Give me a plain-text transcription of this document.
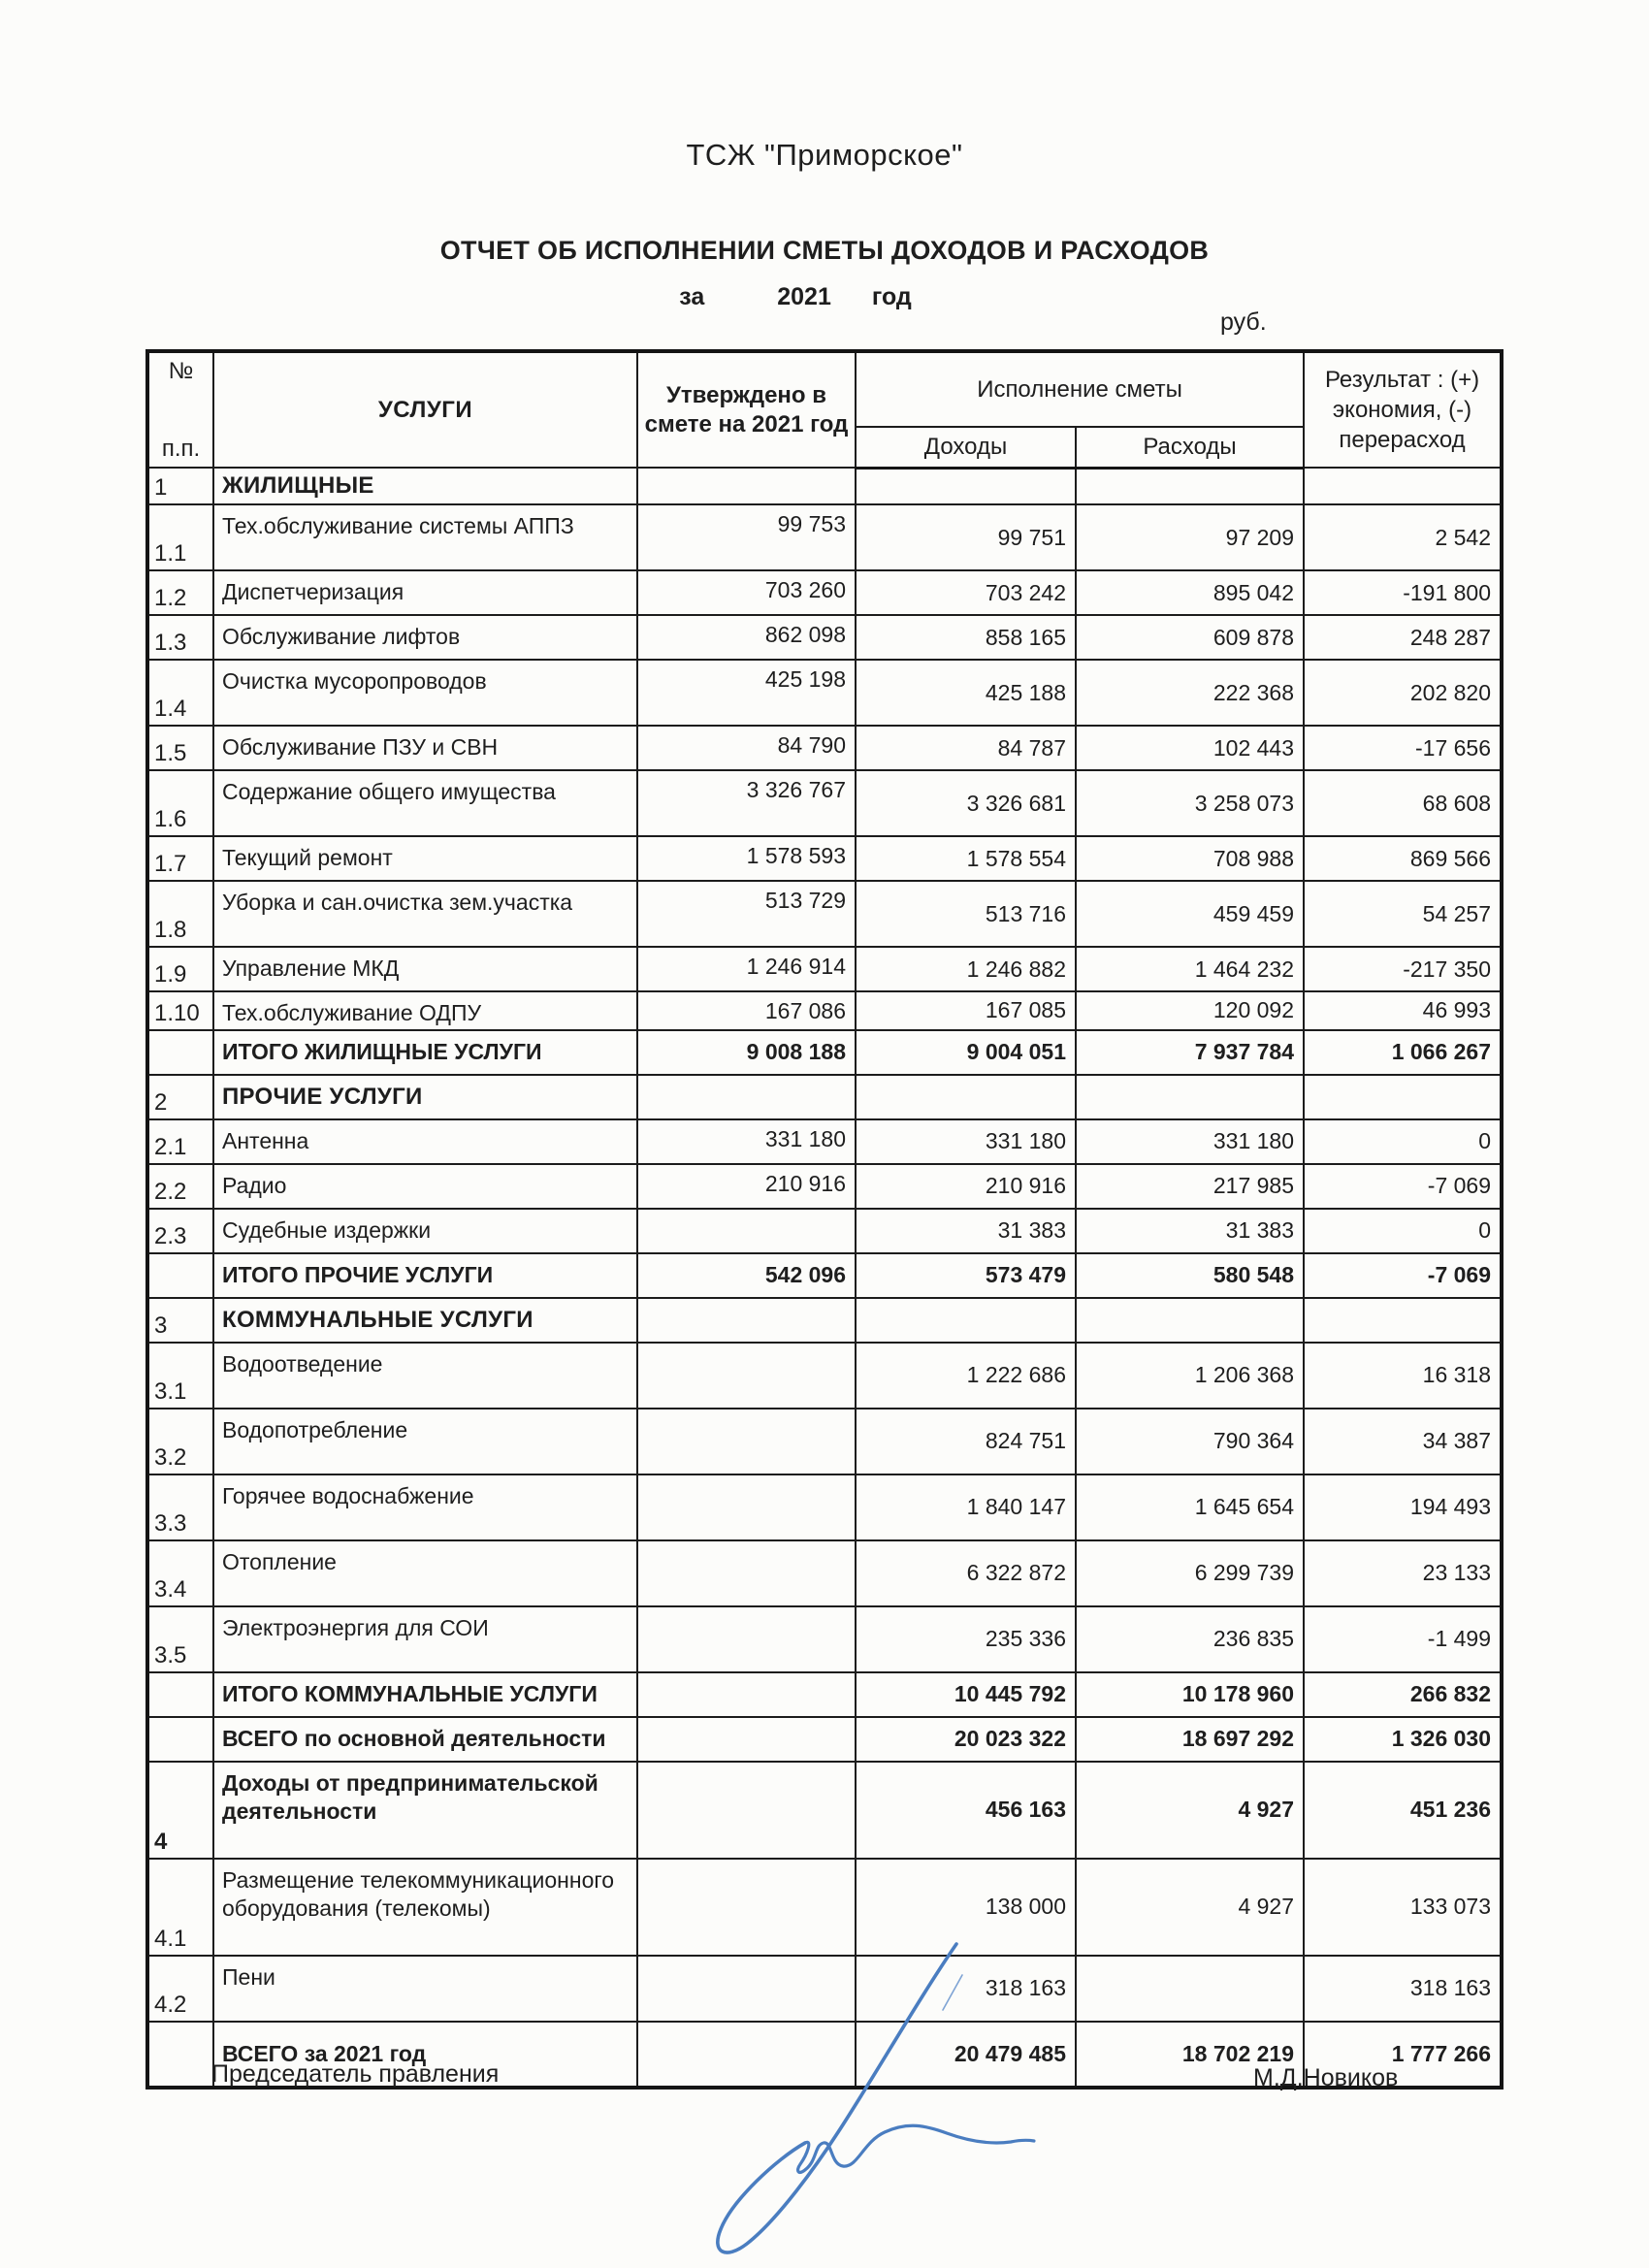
ТСЖ "Приморское"
ОТЧЕТ ОБ ИСПОЛНЕНИИ СМЕТЫ ДОХОДОВ И РАСХОДОВ
за	2021 год
руб.
№
п.п.	УСЛУГИ	Утверждено в смете на 2021 год	Исполнение сметы		Результат : (+) экономия, (-) перерасход
			Доходы	Расходы	
1	ЖИЛИЩНЫЕ				
1.1	Тех.обслуживание системы АППЗ	99 753	99 751	97 209	2 542
1.2	Диспетчеризация	703 260	703 242	895 042	-191 800
1.3	Обслуживание лифтов	862 098	858 165	609 878	248 287
1.4	Очистка мусоропроводов	425 198	425 188	222 368	202 820
1.5	Обслуживание ПЗУ и СВН	84 790	84 787	102 443	-17 656
1.6	Содержание общего имущества	3 326 767	3 326 681	3 258 073	68 608
1.7	Текущий ремонт	1 578 593	1 578 554	708 988	869 566
1.8	Уборка и сан.очистка зем.участка	513 729	513 716	459 459	54 257
1.9	Управление МКД	1 246 914	1 246 882	1 464 232	-217 350
1.10	Тех.обслуживание ОДПУ	167 086	167 085	120 092	46 993
	ИТОГО ЖИЛИЩНЫЕ УСЛУГИ	9 008 188	9 004 051	7 937 784	1 066 267
2	ПРОЧИЕ УСЛУГИ				
2.1	Антенна	331 180	331 180	331 180	0
2.2	Радио	210 916	210 916	217 985	-7 069
2.3	Судебные издержки		31 383	31 383	0
	ИТОГО ПРОЧИЕ УСЛУГИ	542 096	573 479	580 548	-7 069
3	КОММУНАЛЬНЫЕ УСЛУГИ				
3.1	Водоотведение		1 222 686	1 206 368	16 318
3.2	Водопотребление		824 751	790 364	34 387
3.3	Горячее водоснабжение		1 840 147	1 645 654	194 493
3.4	Отопление		6 322 872	6 299 739	23 133
3.5	Электроэнергия для СОИ		235 336	236 835	-1 499
	ИТОГО КОММУНАЛЬНЫЕ УСЛУГИ		10 445 792	10 178 960	266 832
	ВСЕГО по основной деятельности		20 023 322	18 697 292	1 326 030
4	Доходы от предпринимательской деятельности		456 163	4 927	451 236
4.1	Размещение телекоммуникационного оборудования (телекомы)		138 000	4 927	133 073
4.2	Пени		318 163		318 163
	ВСЕГО за 2021 год		20 479 485	18 702 219	1 777 266
Председатель правления	М.Д.Новиков
